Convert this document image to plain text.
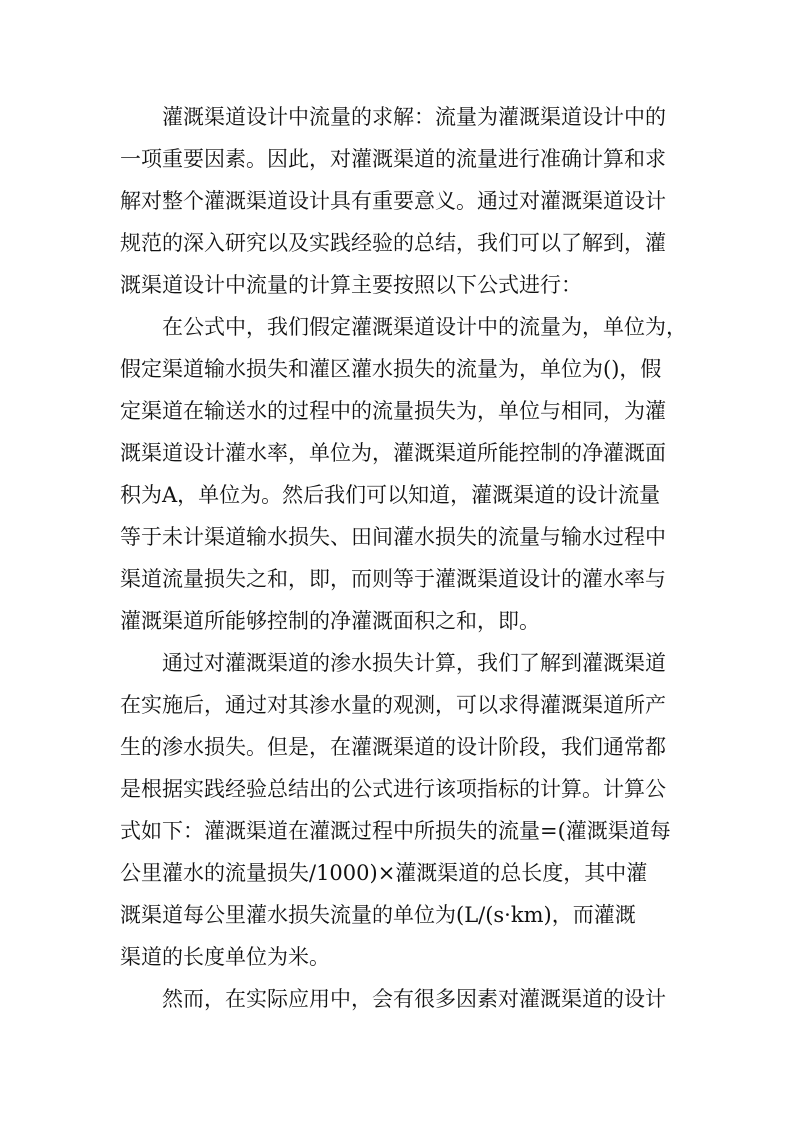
灌溉渠道设计中流量的求解：流量为灌溉渠道设计中的
一项重要因素。因此，对灌溉渠道的流量进行准确计算和求
解对整个灌溉渠道设计具有重要意义。通过对灌溉渠道设计
规范的深入研究以及实践经验的总结，我们可以了解到，灌
溉渠道设计中流量的计算主要按照以下公式进行：
在公式中，我们假定灌溉渠道设计中的流量为，单位为，
假定渠道输水损失和灌区灌水损失的流量为，单位为()，假
定渠道在输送水的过程中的流量损失为，单位与相同，为灌
溉渠道设计灌水率，单位为，灌溉渠道所能控制的净灌溉面
积为A，单位为。然后我们可以知道，灌溉渠道的设计流量
等于未计渠道输水损失、田间灌水损失的流量与输水过程中
渠道流量损失之和，即，而则等于灌溉渠道设计的灌水率与
灌溉渠道所能够控制的净灌溉面积之和，即。
通过对灌溉渠道的渗水损失计算，我们了解到灌溉渠道
在实施后，通过对其渗水量的观测，可以求得灌溉渠道所产
生的渗水损失。但是，在灌溉渠道的设计阶段，我们通常都
是根据实践经验总结出的公式进行该项指标的计算。计算公
式如下：灌溉渠道在灌溉过程中所损失的流量=(灌溉渠道每
公里灌水的流量损失/1000)×灌溉渠道的总长度，其中灌
溉渠道每公里灌水损失流量的单位为(L/(s·km)，而灌溉
渠道的长度单位为米。
然而，在实际应用中，会有很多因素对灌溉渠道的设计
